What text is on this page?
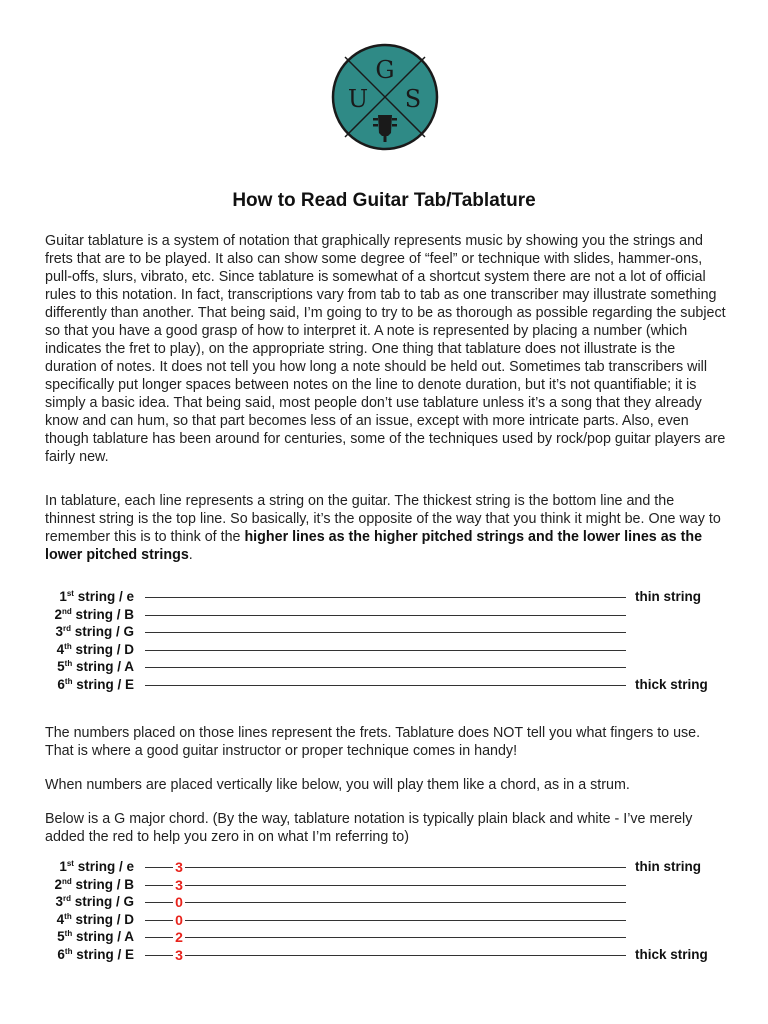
G
U S
How to Read Guitar Tab/Tablature

Guitar tablature is a system of notation that graphically represents music by showing you the strings and frets that are to be played. It also can show some degree of “feel” or technique with slides, hammer-ons, pull-offs, slurs, vibrato, etc. Since tablature is somewhat of a shortcut system there are not a lot of official rules to this notation. In fact, transcriptions vary from tab to tab as one transcriber may illustrate something differently than another. That being said, I’m going to try to be as thorough as possible regarding the subject so that you have a good grasp of how to interpret it. A note is represented by placing a number (which indicates the fret to play), on the appropriate string. One thing that tablature does not illustrate is the duration of notes. It does not tell you how long a note should be held out. Sometimes tab transcribers will specifically put longer spaces between notes on the line to denote duration, but it’s not quantifiable; it is simply a basic idea. That being said, most people don’t use tablature unless it’s a song that they already know and can hum, so that part becomes less of an issue, except with more intricate parts. Also, even though tablature has been around for centuries, some of the techniques used by rock/pop guitar players are fairly new.

In tablature, each line represents a string on the guitar. The thickest string is the bottom line and the thinnest string is the top line. So basically, it’s the opposite of the way that you think it might be. One way to remember this is to think of the higher lines as the higher pitched strings and the lower lines as the lower pitched strings.

1st string / e	thin string
2nd string / B
3rd string / G
4th string / D
5th string / A
6th string / E	thick string

The numbers placed on those lines represent the frets. Tablature does NOT tell you what fingers to use. That is where a good guitar instructor or proper technique comes in handy!

When numbers are placed vertically like below, you will play them like a chord, as in a strum.

Below is a G major chord. (By the way, tablature notation is typically plain black and white - I’ve merely added the red to help you zero in on what I’m referring to)

1st string / e	3	thin string
2nd string / B	3
3rd string / G	0
4th string / D	0
5th string / A	2
6th string / E	3	thick string
